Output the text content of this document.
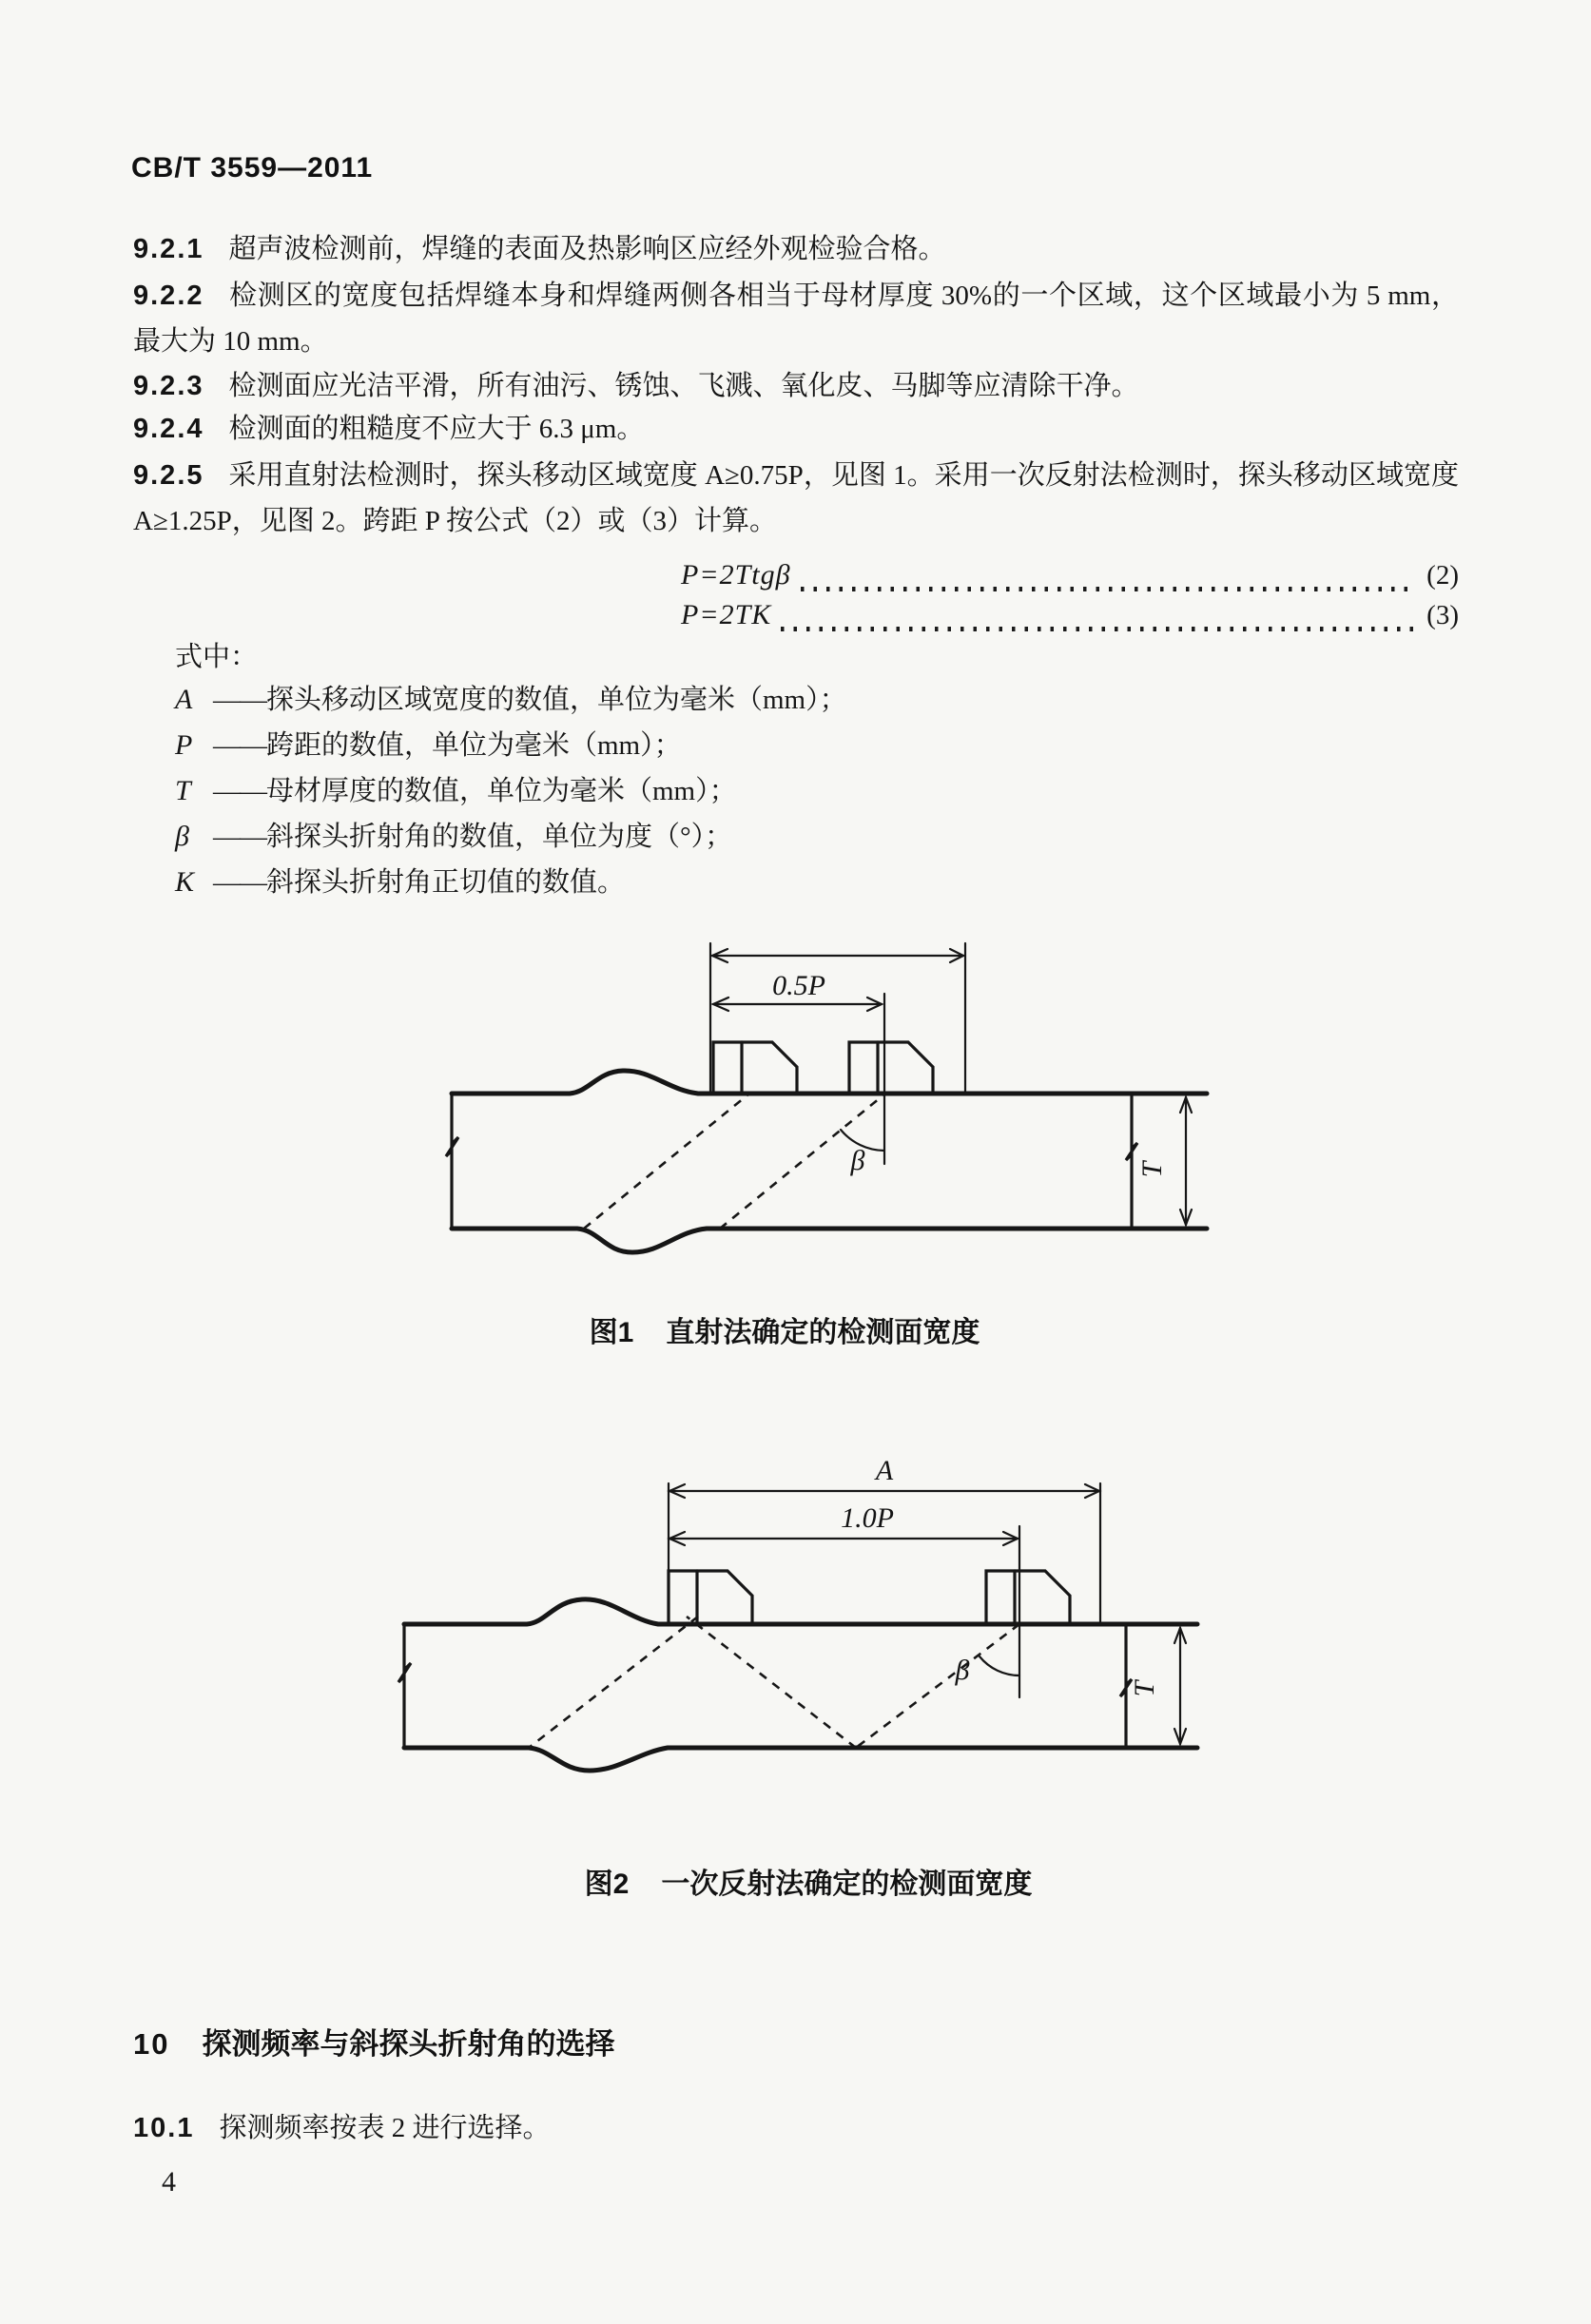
CB/T 3559—2011
9.2.1 超声波检测前，焊缝的表面及热影响区应经外观检验合格。
9.2.2 检测区的宽度包括焊缝本身和焊缝两侧各相当于母材厚度 30%的一个区域，这个区域最小为 5 mm，最大为 10 mm。
9.2.3 检测面应光洁平滑，所有油污、锈蚀、飞溅、氧化皮、马脚等应清除干净。
9.2.4 检测面的粗糙度不应大于 6.3 μm。
9.2.5 采用直射法检测时，探头移动区域宽度 A≥0.75P，见图 1。采用一次反射法检测时，探头移动区域宽度 A≥1.25P，见图 2。跨距 P 按公式（2）或（3）计算。
P=2Ttgβ	(2)
P=2TK	(3)
式中：
A —— 探头移动区域宽度的数值，单位为毫米（mm）；
P —— 跨距的数值，单位为毫米（mm）；
T —— 母材厚度的数值，单位为毫米（mm）；
β —— 斜探头折射角的数值，单位为度（°）；
K —— 斜探头折射角正切值的数值。
0.5P
β	T
图1 直射法确定的检测面宽度
A
1.0P
β
T
图2 一次反射法确定的检测面宽度
10 探测频率与斜探头折射角的选择
10.1 探测频率按表 2 进行选择。
4
